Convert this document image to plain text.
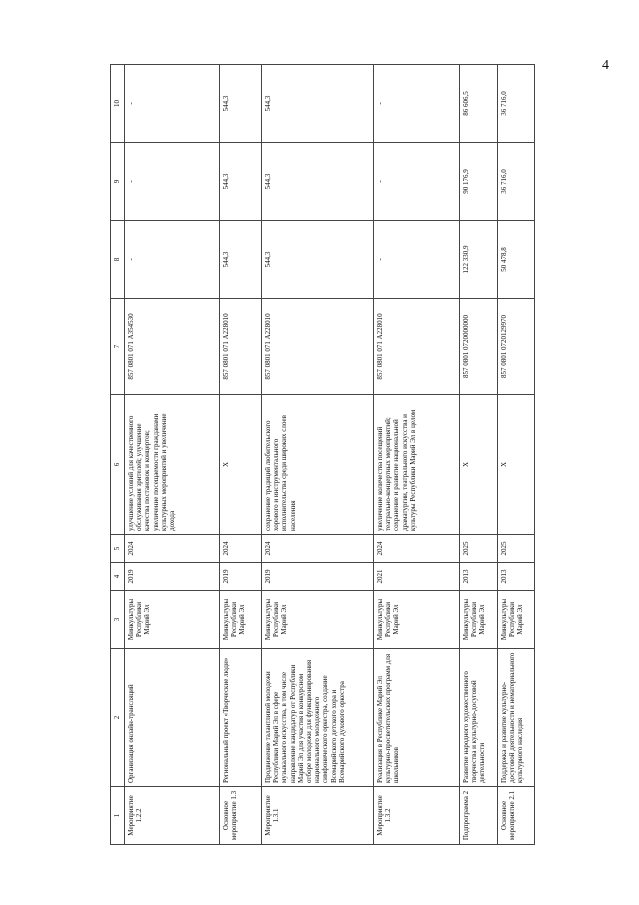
4
1	2	3	4	5	6	7	8	9	10
Мероприятие 1.2.2	Организация онлайн-трансляций	Минкультуры Республики Марий Эл	2019	2024	улучшение условий для качественного обслуживания зрителей; улучшение качества постановок и концертов; увеличение посещаемости гражданами культурных мероприятий и увеличение дохода	857 0801 071 А354530	-	-	-
Основное мероприятие 1.3	Региональный проект «Творческие люди»	Минкультуры Республики Марий Эл	2019	2024	Х	857 0801 071 А228010	544,3	544,3	544,3
Мероприятие 1.3.1	Продвижение талантливой молодежи Республики Марий Эл в сфере музыкального искусства, в том числе направление кандидатур от Республики Марий Эл для участия в конкурсном отборе молодежи для функционирования национального молодежного симфонического оркестра, создание Всемарийского детского хора и Всемарийского духового оркестра	Минкультуры Республики Марий Эл	2019	2024	сохранение традиций любительского хорового и инструментального исполнительства среди широких слоев населения	857 0801 071 А228010	544,3	544,3	544,3
Мероприятие 1.3.2	Реализация в Республике Марий Эл культурно-просветительских программ для школьников	Минкультуры Республики Марий Эл	2021	2024	увеличение количества посещений театрально-концертных мероприятий; сохранение и развитие национальной драматургии, театрального искусства и культуры Республики Марий Эл в целом	857 0801 071 А228010	-	-	-
Подпрограмма 2	Развитие народного художественного творчества и культурно-досуговой деятельности	Минкультуры Республики Марий Эл	2013	2025	Х	857 0801 0720000000	122 330,9	90 176,9	86 606,5
Основное мероприятие 2.1	Поддержка и развитие культурно-досуговой деятельности и нематериального культурного наследия	Минкультуры Республики Марий Эл	2013	2025	Х	857 0801 0720129970	50 478,8	36 716,0	36 716,0
